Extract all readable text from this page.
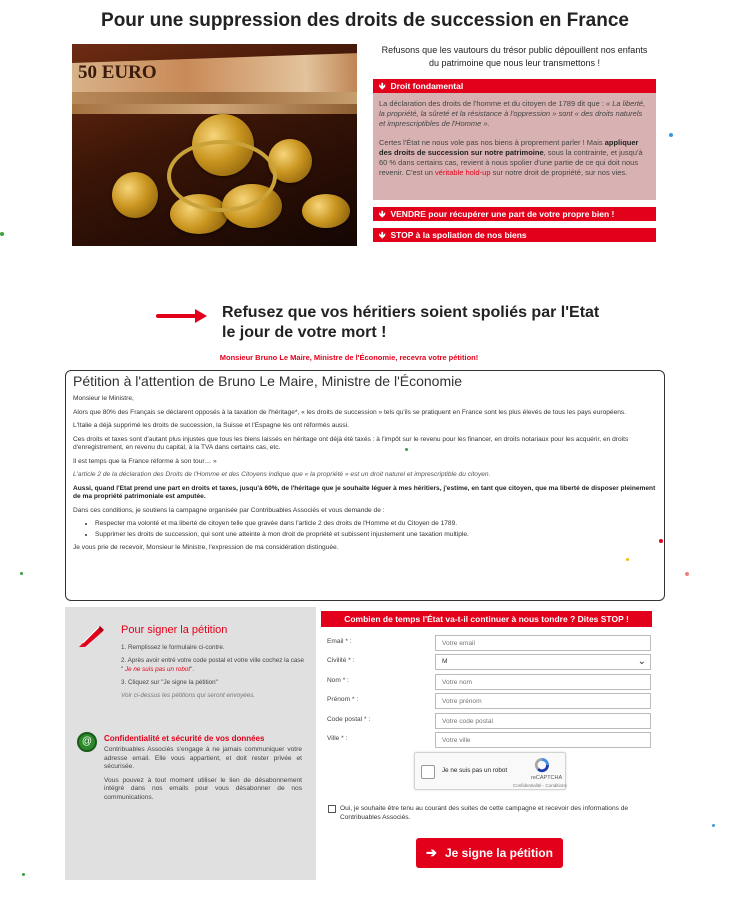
Pour une suppression des droits de succession en France
50 EURO

Refusons que les vautours du trésor public dépouillent nos enfants du patrimoine que nous leur transmettons !

🡻 Droit fondamental

La déclaration des droits de l'homme et du citoyen de 1789 dit que : « La liberté, la propriété, la sûreté et la résistance à l'oppression » sont « des droits naturels et imprescriptibles de l'Homme ».

Certes l'État ne nous vole pas nos biens à proprement parler ! Mais appliquer des droits de succession sur notre patrimoine, sous la contrainte, et jusqu'à 60 % dans certains cas, revient à nous spolier d'une partie de ce qui doit nous revenir. C'est un véritable hold-up sur notre droit de propriété, sur nos vies.

🡻 VENDRE pour récupérer une part de votre propre bien !
🡻 STOP à la spoliation de nos biens
Refusez que vos héritiers soient spoliés par l'Etat le jour de votre mort !

Monsieur Bruno Le Maire, Ministre de l'Économie, recevra votre pétition!

Pétition à l'attention de Bruno Le Maire, Ministre de l'Économie

Monsieur le Ministre,

Alors que 80% des Français se déclarent opposés à la taxation de l'héritage*, « les droits de succession » tels qu'ils se pratiquent en France sont les plus élevés de tous les pays européens.

L'Italie a déjà supprimé les droits de succession, la Suisse et l'Espagne les ont réformés aussi.

Ces droits et taxes sont d'autant plus injustes que tous les biens laissés en héritage ont déjà été taxés : à l'impôt sur le revenu pour les financer, en droits notariaux pour les acquérir, en droits d'enregistrement, en revenu du capital, à la TVA dans certains cas, etc.

Il est temps que la France réforme à son tour… »

L'article 2 de la déclaration des Droits de l'Homme et des Citoyens indique que « la propriété » est un droit naturel et imprescriptible du citoyen.

Aussi, quand l'Etat prend une part en droits et taxes, jusqu'à 60%, de l'héritage que je souhaite léguer à mes héritiers, j'estime, en tant que citoyen, que ma liberté de disposer pleinement de ma propriété patrimoniale est amputée.

Dans ces conditions, je soutiens la campagne organisée par Contribuables Associés et vous demande de :

• Respecter ma volonté et ma liberté de citoyen telle que gravée dans l'article 2 des droits de l'Homme et du Citoyen de 1789.
• Supprimer les droits de succession, qui sont une atteinte à mon droit de propriété et subissent injustement une taxation multiple.

Je vous prie de recevoir, Monsieur le Ministre, l'expression de ma considération distinguée.

Pour signer la pétition

1. Remplissez le formulaire ci-contre.

2. Après avoir entré votre code postal et votre ville cochez la case " Je ne suis pas un robot".

3. Cliquez sur "Je signe la pétition"

Voir ci-dessus les pétitions qui seront envoyées.

@	Confidentialité et sécurité de vos données

Contribuables Associés s'engage à ne jamais communiquer votre adresse email. Elle vous appartient, et doit rester privée et sécurisée.

Vous pouvez à tout moment utiliser le lien de désabonnement intégré dans nos emails pour vous désabonner de nos communications.

Combien de temps l'État va-t-il continuer à nous tondre ? Dites STOP !
Email * :
Votre email
Civilité * :	M	⌄
Nom * :
Votre nom
Prénom * :
Votre prénom
Code postal * :
Votre code postal
Ville * :
Votre ville
Je ne suis pas un robot
reCAPTCHA
Confidentialité - Conditions
Oui, je souhaite être tenu au courant des suites de cette campagne et recevoir des informations de Contribuables Associés.
➔ Je signe la pétition
